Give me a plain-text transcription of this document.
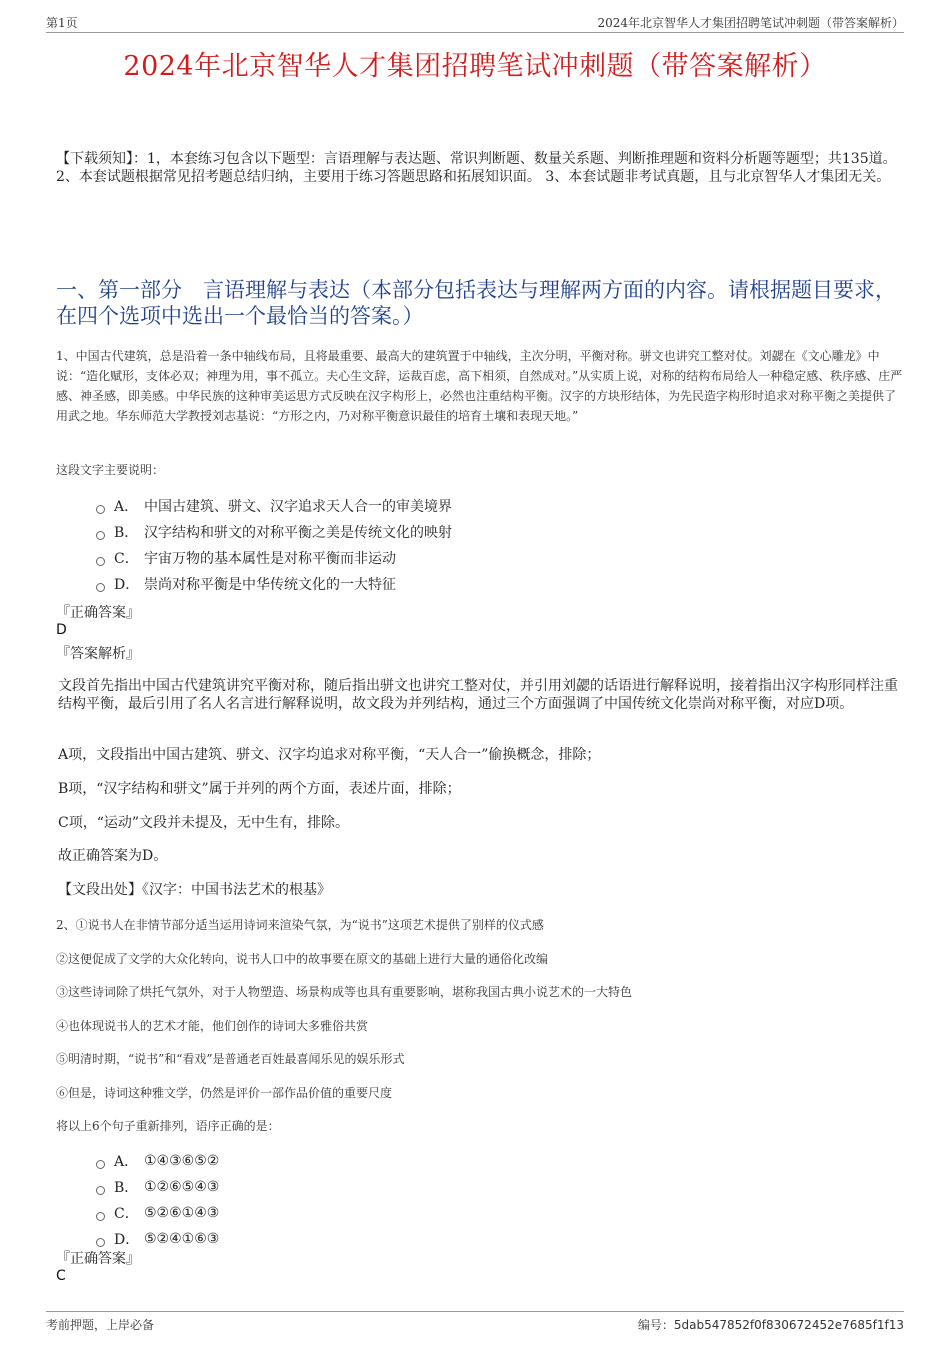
第1页	2024年北京智华人才集团招聘笔试冲刺题（带答案解析）
2024年北京智华人才集团招聘笔试冲刺题（带答案解析）
【下载须知】：1，本套练习包含以下题型：言语理解与表达题、常识判断题、数量关系题、判断推理题和资料分析题等题型；共135道。 2、本套试题根据常见招考题总结归纳，主要用于练习答题思路和拓展知识面。 3、本套试题非考试真题，且与北京智华人才集团无关。
一、第一部分　言语理解与表达（本部分包括表达与理解两方面的内容。请根据题目要求，在四个选项中选出一个最恰当的答案。）
1、中国古代建筑，总是沿着一条中轴线布局，且将最重要、最高大的建筑置于中轴线，主次分明，平衡对称。骈文也讲究工整对仗。刘勰在《文心雕龙》中说：“造化赋形，支体必双；神理为用，事不孤立。夫心生文辞，运裁百虑，高下相须，自然成对。”从实质上说，对称的结构布局给人一种稳定感、秩序感、庄严感、神圣感，即美感。中华民族的这种审美运思方式反映在汉字构形上，必然也注重结构平衡。汉字的方块形结体，为先民造字构形时追求对称平衡之美提供了用武之地。华东师范大学教授刘志基说：“方形之内，乃对称平衡意识最佳的培育土壤和表现天地。”
这段文字主要说明：
A． 中国古建筑、骈文、汉字追求天人合一的审美境界
B． 汉字结构和骈文的对称平衡之美是传统文化的映射
C． 宇宙万物的基本属性是对称平衡而非运动
D． 崇尚对称平衡是中华传统文化的一大特征
『正确答案』
D
『答案解析』
文段首先指出中国古代建筑讲究平衡对称，随后指出骈文也讲究工整对仗，并引用刘勰的话语进行解释说明，接着指出汉字构形同样注重结构平衡，最后引用了名人名言进行解释说明，故文段为并列结构，通过三个方面强调了中国传统文化崇尚对称平衡，对应D项。
A项，文段指出中国古建筑、骈文、汉字均追求对称平衡，“天人合一”偷换概念，排除；
B项，“汉字结构和骈文”属于并列的两个方面，表述片面，排除；
C项，“运动”文段并未提及，无中生有，排除。
故正确答案为D。
【文段出处】《汉字：中国书法艺术的根基》
2、①说书人在非情节部分适当运用诗词来渲染气氛，为“说书”这项艺术提供了别样的仪式感
②这便促成了文学的大众化转向，说书人口中的故事要在原文的基础上进行大量的通俗化改编
③这些诗词除了烘托气氛外，对于人物塑造、场景构成等也具有重要影响，堪称我国古典小说艺术的一大特色
④也体现说书人的艺术才能，他们创作的诗词大多雅俗共赏
⑤明清时期，“说书”和“看戏”是普通老百姓最喜闻乐见的娱乐形式
⑥但是，诗词这种雅文学，仍然是评价一部作品价值的重要尺度
将以上6个句子重新排列，语序正确的是：
A． ①④③⑥⑤②
B． ①②⑥⑤④③
C． ⑤②⑥①④③
D． ⑤②④①⑥③
『正确答案』
C
考前押题，上岸必备	编号：5dab547852f0f830672452e7685f1f13
